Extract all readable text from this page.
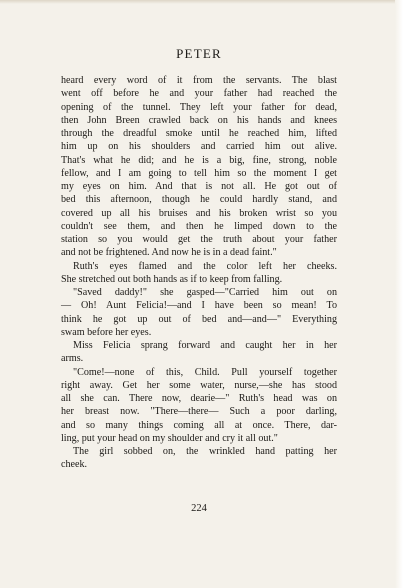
PETER
heard every word of it from the servants. The blast
went off before he and your father had reached the
opening of the tunnel. They left your father for dead,
then John Breen crawled back on his hands and knees
through the dreadful smoke until he reached him, lifted
him up on his shoulders and carried him out alive.
That's what he did; and he is a big, fine, strong, noble
fellow, and I am going to tell him so the moment I get
my eyes on him. And that is not all. He got out of
bed this afternoon, though he could hardly stand, and
covered up all his bruises and his broken wrist so you
couldn't see them, and then he limped down to the
station so you would get the truth about your father
and not be frightened. And now he is in a dead faint."
Ruth's eyes flamed and the color left her cheeks.
She stretched out both hands as if to keep from falling.
"Saved daddy!" she gasped—"Carried him out on
— Oh! Aunt Felicia!—and I have been so mean! To
think he got up out of bed and—and—" Everything
swam before her eyes.
Miss Felicia sprang forward and caught her in her
arms.
"Come!—none of this, Child. Pull yourself together
right away. Get her some water, nurse,—she has stood
all she can. There now, dearie—" Ruth's head was on
her breast now. "There—there— Such a poor darling,
and so many things coming all at once. There, dar-
ling, put your head on my shoulder and cry it all out."
The girl sobbed on, the wrinkled hand patting her
cheek.
224
